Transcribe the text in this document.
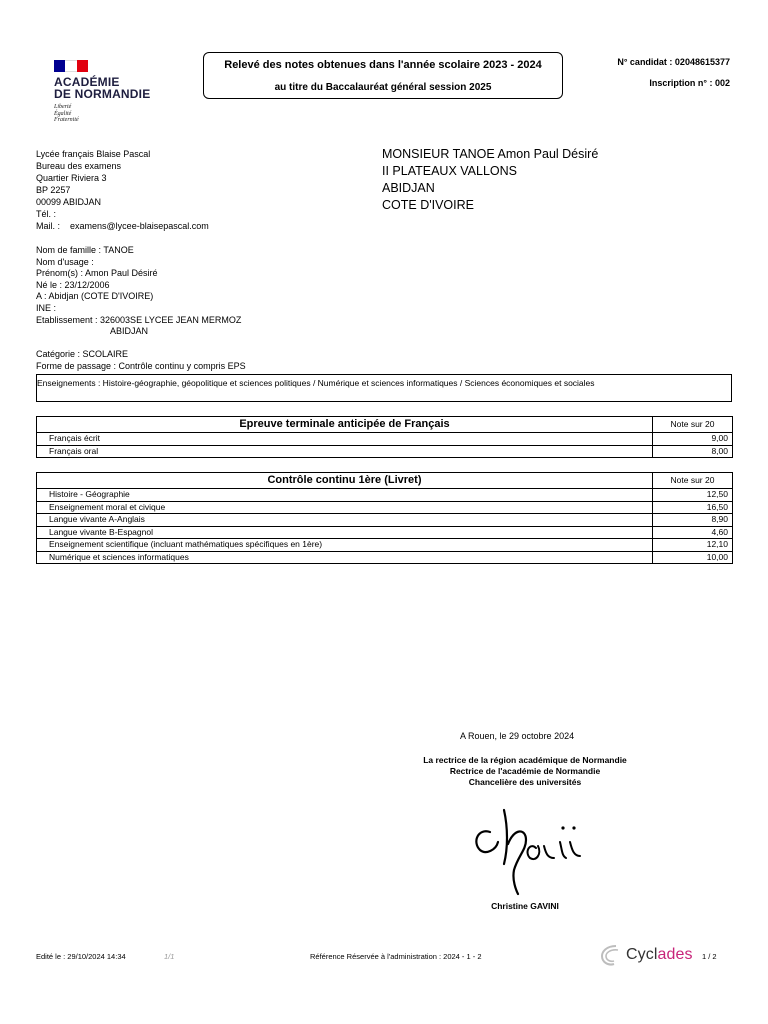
ACADÉMIE
DE NORMANDIE
Liberté
Égalité
Fraternité
Relevé des notes obtenues dans l'année scolaire 2023 - 2024
au titre du Baccalauréat général session 2025
N° candidat : 02048615377
Inscription n° : 002
Lycée français Blaise Pascal
Bureau des examens
Quartier Riviera 3
BP 2257
00099 ABIDJAN
Tél. :
Mail. : examens@lycee-blaisepascal.com
MONSIEUR TANOE Amon Paul Désiré
II PLATEAUX VALLONS
ABIDJAN
COTE D'IVOIRE
Nom de famille : TANOE
Nom d'usage :
Prénom(s) : Amon Paul Désiré
Né le : 23/12/2006
A : Abidjan (COTE D'IVOIRE)
INE :
Etablissement : 326003SE LYCEE JEAN MERMOZ
ABIDJAN
Catégorie : SCOLAIRE
Forme de passage : Contrôle continu y compris EPS
Enseignements : Histoire-géographie, géopolitique et sciences politiques / Numérique et sciences informatiques / Sciences économiques et sociales
Epreuve terminale anticipée de Français	Note sur 20
Français écrit	9,00
Français oral	8,00
Contrôle continu 1ère (Livret)	Note sur 20
Histoire - Géographie	12,50
Enseignement moral et civique	16,50
Langue vivante A-Anglais	8,90
Langue vivante B-Espagnol	4,60
Enseignement scientifique (incluant mathématiques spécifiques en 1ère)	12,10
Numérique et sciences informatiques	10,00
A Rouen, le 29 octobre 2024
La rectrice de la région académique de Normandie
Rectrice de l'académie de Normandie
Chancelière des universités
Christine GAVINI
Edité le : 29/10/2024 14:34	1/1	Référence Réservée à l'administration : 2024 - 1 - 2	Cyclades 1 / 2
